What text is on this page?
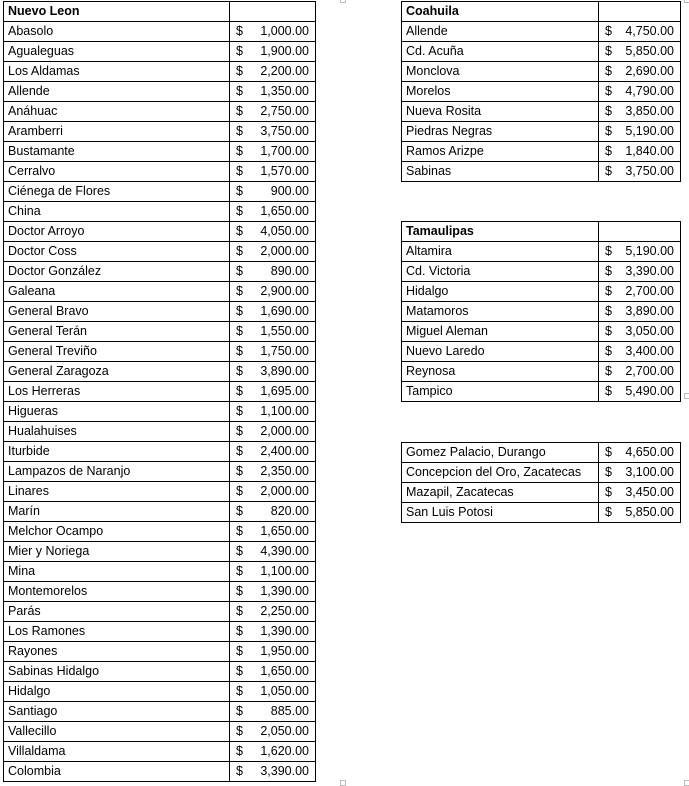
Nuevo Leon	
Abasolo	$ 1,000.00

Agualeguas	$ 1,900.00

Los Aldamas	$ 2,200.00

Allende	$ 1,350.00

Anáhuac	$ 2,750.00

Aramberri	$ 3,750.00

Bustamante	$ 1,700.00

Cerralvo	$ 1,570.00

Ciénega de Flores	$ 900.00

China	$ 1,650.00

Doctor Arroyo	$ 4,050.00

Doctor Coss	$ 2,000.00

Doctor González	$ 890.00

Galeana	$ 2,900.00

General Bravo	$ 1,690.00

General Terán	$ 1,550.00

General Treviño	$ 1,750.00

General Zaragoza	$ 3,890.00

Los Herreras	$ 1,695.00

Higueras	$ 1,100.00

Hualahuises	$ 2,000.00

Iturbide	$ 2,400.00

Lampazos de Naranjo	$ 2,350.00

Linares	$ 2,000.00

Marín	$ 820.00

Melchor Ocampo	$ 1,650.00

Mier y Noriega	$ 4,390.00

Mina	$ 1,100.00

Montemorelos	$ 1,390.00

Parás	$ 2,250.00

Los Ramones	$ 1,390.00

Rayones	$ 1,950.00

Sabinas Hidalgo	$ 1,650.00

Hidalgo	$ 1,050.00

Santiago	$ 885.00

Vallecillo	$ 2,050.00

Villaldama	$ 1,620.00

Colombia	$ 3,390.00
Coahuila	
Allende	$ 4,750.00

Cd. Acuña	$ 5,850.00

Monclova	$ 2,690.00

Morelos	$ 4,790.00

Nueva Rosita	$ 3,850.00

Piedras Negras	$ 5,190.00

Ramos Arizpe	$ 1,840.00

Sabinas	$ 3,750.00
Tamaulipas	
Altamira	$ 5,190.00

Cd. Victoria	$ 3,390.00

Hidalgo	$ 2,700.00

Matamoros	$ 3,890.00

Miguel Aleman	$ 3,050.00

Nuevo Laredo	$ 3,400.00

Reynosa	$ 2,700.00

Tampico	$ 5,490.00
Gomez Palacio, Durango	$ 4,650.00

Concepcion del Oro, Zacatecas	$ 3,100.00

Mazapil, Zacatecas	$ 3,450.00

San Luis Potosi	$ 5,850.00
